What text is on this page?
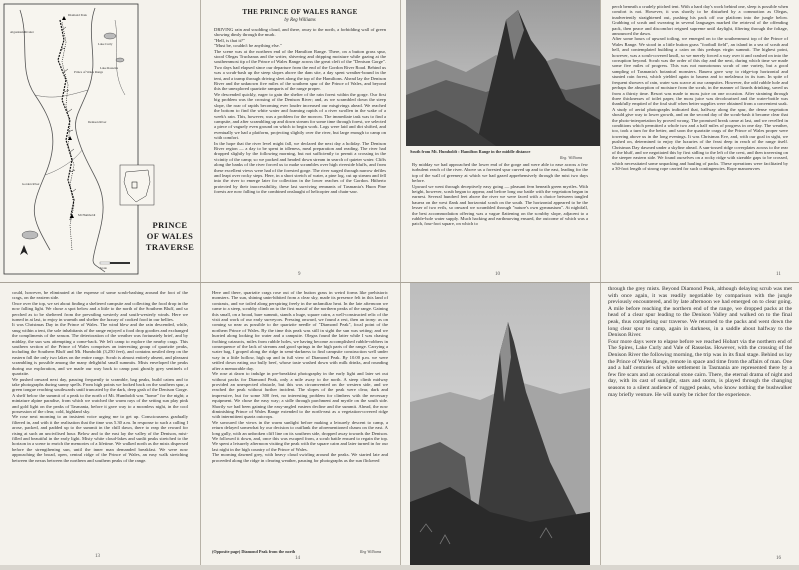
Prince of Wales Range
Mt Humboldt
Denison River
Gordon River
Diamond Peak
Lake Curly
Lake Rasselas
Algonkian Rivulet
Scale
PRINCE
OF WALES
TRAVERSE
THE PRINCE OF WALES RANGE
by Reg Williams
DRIVING rain and scudding cloud, and there, away to the north, a forbidding wall of green showing dimly through the murk.
"Hell, is that it?"
"Must be, couldn't be anything else."
The scene was at the northern end of the Hamilton Range. There, on a button grass spur, stood Olegas Truchanas and the writer, shivering and dripping moisture while gazing at the southernmost tip of the Prince of Wales Range across the great cleft of the "Denison Gorge". Two days had elapsed since our departure from the end of the Gordon River Road. Behind us was a scrub-bash up the steep slopes above the dam site, a day spent weather-bound in the tent, and a tramp through driving sleet along the top of the Hamiltons. Ahead lay the Denison River and the unknown five miles of the southern spur of the Prince of Wales, and beyond this the unexplored quartzite ramparts of the range proper.
We descended quickly, eager to gain the shelter of the rain forest within the gorge. Our first big problem was the crossing of the Denison River; and, as we scrambled down the steep slope, the roar of rapids becoming ever louder increased our misgivings ahead. We reached the bottom to find the white water and foaming rapids of a river swollen in the wake of a week's rain. This, however, was a problem for the morrow. The immediate task was to find a campsite, and after scrambling up and down stream for some time through forest, we selected a piece of vaguely even ground on which to begin work. Logs were laid and dirt shifted, and eventually we had a platform, projecting slightly over the river, but large enough to camp on with comfort.
In the hope that the river level might fall, we declared the next day a holiday. The Denison River region — a day to be spent in idleness, meal preparation and reading. The river had dropped slightly by the following morning, but not sufficiently to permit a crossing in the vicinity of the camp; so we packed and headed down stream in search of quieter water. Cliffs along the banks of the river forced us to make scrambles over high riverside bluffs, and from these excellent views were had of the forested gorge. The river surged through narrow defiles and leapt over rocky steps. Here, in a short stretch of water, a pine log, cut up stream and fell into the river to emerge later for collection in the lower reaches of the Gordon. Hitherto protected by their inaccessibility, these last surviving remnants of Tasmania's Huon Pine forests are now falling to the combined onslaught of helicopter and chain-saw.
9
South from Mt. Humboldt : Hamilton Range in the middle distance
Reg. Williams
By midday we had approached the lower end of the gorge and were able to ease across a few turbulent reach of the river. Above us a forested spur curved up and to the east, leading for the top of the wall of greenery at which we had gazed apprehensively through the mist two days before.
Upward we went through deceptively easy going — pleasant fern beneath green myrtles. With height, however, scrub began to appear, and before long our battle with the vegetation began in earnest. Several hundred feet above the river we were faced with a choice between tangled bauera on the west flank and horizontal scrub on the south. The horizontal appeared to be the lesser of two evils, so onward we scrambled through "nature's own gymnasium". At nightfall, the best accommodation offering was a vague flattening on the scrubby slope, adjacent to a rubble-hole water supply. Much hacking and earthmoving ensued, the outcome of which was a patch, four-foot square, on which to
10
perch beneath a crudely pitched tent. With a hard day's work behind one, sleep is possible when comfort is not. However, it was shortly to be disturbed by a commotion as Olegas, inadvertently straightened out, pushing his pack off our platform into the jungle below. Grabbing of scrub and swearing in several languages marked the retrieval of the offending pack, then peace and discomfort reigned supreme until daylight, filtering through the foliage, announced the dawn.
After some hours of upward toiling, we emerged on to the southernmost top of the Prince of Wales Range. We stood in a little button grass "football field", an island in a sea of scrub and hell, and contemplated building a cairn on this perhaps virgin summit. The highest point, however, was a scrub-covered knoll, so we merely forced a way over it and crashed on into the corruption beyond. Scrub was the order of this day and the next, during which time we made some five miles of progress. This was not monotonous scrub of one variety, but a good sampling of Tasmania's botanical monsters. Bauera gave way to ridge-top horizontal and stunted rain forest, which yielded again to bauera and to melaleuca in its turn. In spite of frequent showers of rain, water was scarce at our campsites. However, the odd rubble hole and perhaps the absorption of moisture from the scrub, in the manner of lizards drinking, saved us from a thirsty time. Resort was made to moss juice on one occasion. After straining through three thicknesses of toilet paper, the moss juice was decolourised and the water-bottle was thankfully emptied of the foul stuff when better supplies were obtained from a convenient soak.
A study of aerial photographs indicated that, halfway along the spur, the dense vegetation should give way to lower growth, and on the second day of the scrub-bash it became clear that the photo-interpretation by proved wrong. The promised break came at last, and we revelled in conditions which permitted a whole two and a half miles of progress in one day. The weather, too, took a turn for the better, and soon the quartzite crags of the Prince of Wales proper were towering above us in the long evenings. It was Christmas Eve, and, with our goal in sight, we pushed on, determined to enjoy the luxuries of the feast deep in reach of the range itself. Christmas Day dawned under a skyline ahead. A sun-tossed ridge coverplates across to the rear of the bluff, and we negotiated this by first sidling to the left of the crest, and then traversing on the steeper eastern side. We found ourselves on a rocky ridge with sizeable gaps to be crossed, which necessitated some unpacking and hauling of packs. These operations were facilitated by a 30-foot length of strong rope carried for such contingencies. Rope manoeuvres
11
could, however, be eliminated at the expense of some scrub-bashing around the foot of the crags, on the eastern side.
Once over the top, we set about finding a sheltered campsite and collecting the food drop in the now falling light. We chose a spot below and a little to the north of the Southern Bluff, and so perched as to be sheltered from the prevailing westerly and south-westerly winds. Here we turned in at last, to enjoy in warmth and shelter the luxury of cooked food in our bellies.
It was Christmas Day in the Prince of Wales. The wind blew and the rain descended, while, snug within a tent, the sole inhabitants of the range enjoyed a food drop goodies and exchanged the compliments of the season. The deterioration of the weather was fortunately brief, and by midday, the sun was attempting a come-back. We left camp to explore the nearby crags. This southern section of the Prince of Wales comprises an interesting group of quartzite peaks, including the Southern Bluff and Mt. Humboldt (3,250 feet), and contains nestled deep on the eastern fall the only two lakes on the entire range. Scrub is almost entirely absent, and pleasant scrambling is possible among the many delightful small summits. Mists enveloped the peaks during our exploration, and we made our way back to camp past ghostly grey sentinels of quartzite.
We pushed onward next day, pausing frequently to scramble, bag peaks, build cairns and to take photographs during sunny spells. From high points we looked back on the southern spur, a green tongue reaching southwards until truncated by the dark, deep gash of the Denison Gorge. A shelf below the summit of a peak to the north of Mt. Humboldt was "home" for the night; a miniature alpine paradise, from which we watched the warm rays of the setting sun play pink and gold light on the peaks of Tasmania, before it gave way to a moonless night, in the cool possession of the clear, cold, highland sky.
We rose next morning to an insistent voice urging me to get up. Consciousness gradually filtered in, and with it the realisation that the time was 5.30 a.m. In response to such a calling I arose, packed, and padded up to the summit in the chill dawn, there to reap the reward for rising at such an uncivilised hour. Below and to the east lay the valley of the Denison, mist-filled and beautiful in the early light. Misty white cloud-lakes and sunlit peaks stretched to the horizon in a scene to enrich the memories of a lifetime. We walked north as the mists dispersed before the strengthening sun, until the inner man demanded breakfast. We were now approaching the broad, open, central ridge of the Prince of Wales, an easy walk stretching between the nexus between the northern and southern peaks of the range.
13
Here and there, quartzite crags rose out of the button grass in weird forms like prehistoric monsters. The sun, shining unin-hibited from a clear sky, made its presence felt in this land of contrasts, and we toiled along perspiring freely in the unfamiliar heat. In the late afternoon we came to a steep, scrubby climb on to the first massif of the northern peaks of the range. Gaining this small, on a broad, bare summit, stands a huge, square cairn, a well-constructed relic of the visit and work of our early surveyors. Pressing onward, we found a rest, then an irony: as on coming so near as possible to the quartzite needle of "Diamond Peak", focal point of the northern Prince of Wales. By the time this peak was still in sight the sun was setting; and we hurried along looking for water and a campsite. Olegas found the latter while I was chasing frothing cataracts, miles from rubble holes, we having become accomplished rubble-robbers in consequence of the lack of streams and good springs in the high parts of the range. Carrying a water bag, I groped along the ridge in semi-darkness to find campsite construction well under way in a little hollow, high up and in full view of Diamond Peak. By 10.00 p.m. we were settled down eating our bully beef, whose taste washed down with milk drinks, and rounding after a memorable day.
We rose at dawn to indulge in pre-breakfast photography in the early light and later set out without packs for Diamond Peak, only a mile away to the north. A steep climb midway provided an unexpected obstacle, but this was circumvented on the western side, and we reached the peak without further incident. The slopes of the peak were clear, dark and impressive, but for some 300 feet, no interesting problem for climbers with the necessary equipment. We chose the easy way; a sidle through parchment and myrtle on the south side. Shortly we had been gaining the easy-angled eastern decline and the summit. Ahead, the now diminishing Prince of Wales Range extended to the north-east as a vegetation-covered ridge with intermittent quartz outcrops.
We savoured the views in the warm sunlight before making a leisurely descent to camp, a return delayed somewhat by our decision to outflank the aforementioned chasm on the east. A long gully, with an unbroken cliff line on its southern side, dropped away towards the Denison. We followed it down, and, once this was escaped from, a scrub battle ensued to regain the top. We spent a leisurely afternoon visiting the peak with the square cairn and later turned in for our last night in the high country of the Prince of Wales.
The morning dawned grey, with heavy cloud swirling around the peaks. We started late and proceeded along the ridge in clearing weather, pausing for photographs as the sun flickered
(Opposite page) Diamond Peak from the north	Reg Williams
14
through the grey mists. Beyond Diamond Peak, although delaying scrub was met with once again, it was readily negotiable by comparison with the jungle previously encountered, and by late afternoon we had emerged on to clear going. A mile before reaching the northern end of the range, we dropped packs at the head of a clear spur leading to the Denison Valley and walked on to the final peak, thus completing our traverse. We returned to the packs and went down the long clear spur to camp, again in darkness, in a saddle about halfway to the Denison River.
Four more days were to elapse before we reached Hobart via the northern end of The Spires, Lake Curly and Vale of Rasselas. However, with the crossing of the Denison River the following morning, the trip was in its final stage. Behind us lay the Prince of Wales Range, remote in space and time from the affairs of man. One and a half centuries of white settlement in Tasmania are represented there by a few fire scars and an occasional stone cairn. There, the eternal drama of night and day, with its cast of sunlight, stars and storm, is played through the changing seasons to a silent audience of rugged peaks, who know nothing the bushwalker may briefly venture. He will surely be richer for the experience.
16
